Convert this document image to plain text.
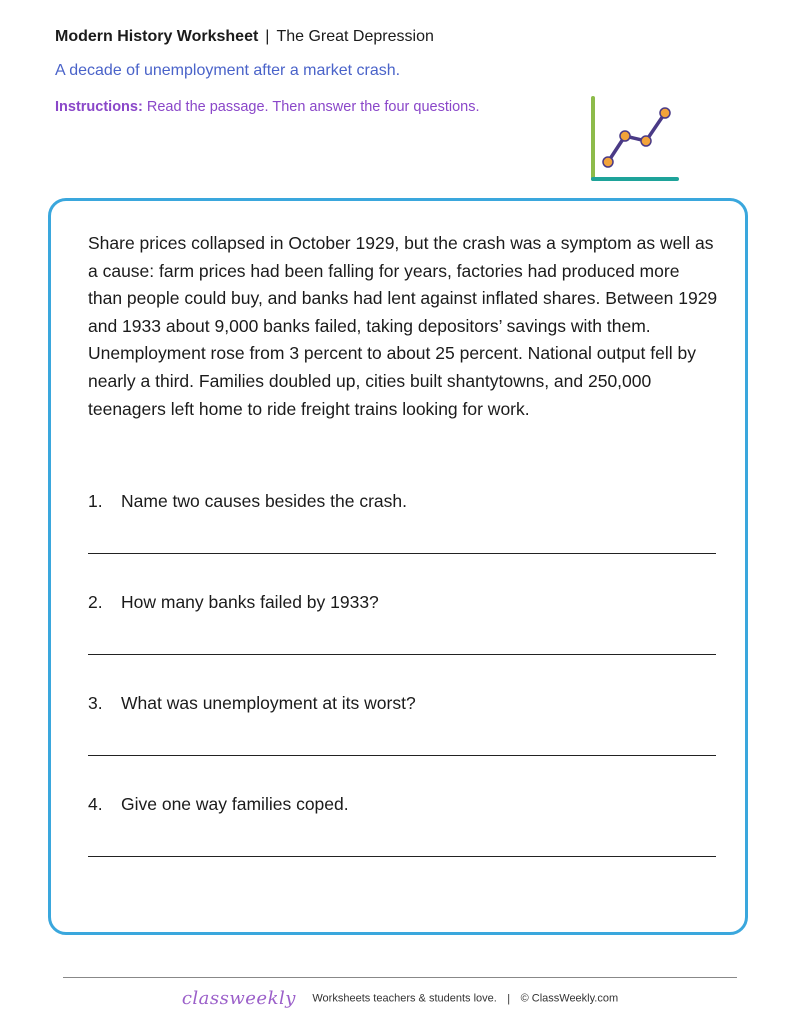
Modern History Worksheet | The Great Depression
A decade of unemployment after a market crash.
Instructions: Read the passage. Then answer the four questions.

Share prices collapsed in October 1929, but the crash was a symptom as well as a cause: farm prices had been falling for years, factories had produced more than people could buy, and banks had lent against inflated shares. Between 1929 and 1933 about 9,000 banks failed, taking depositors’ savings with them. Unemployment rose from 3 percent to about 25 percent. National output fell by nearly a third. Families doubled up, cities built shantytowns, and 250,000 teenagers left home to ride freight trains looking for work.

1. Name two causes besides the crash.
2. How many banks failed by 1933?
3. What was unemployment at its worst?
4. Give one way families coped.
classweekly Worksheets teachers & students love. | © ClassWeekly.com
